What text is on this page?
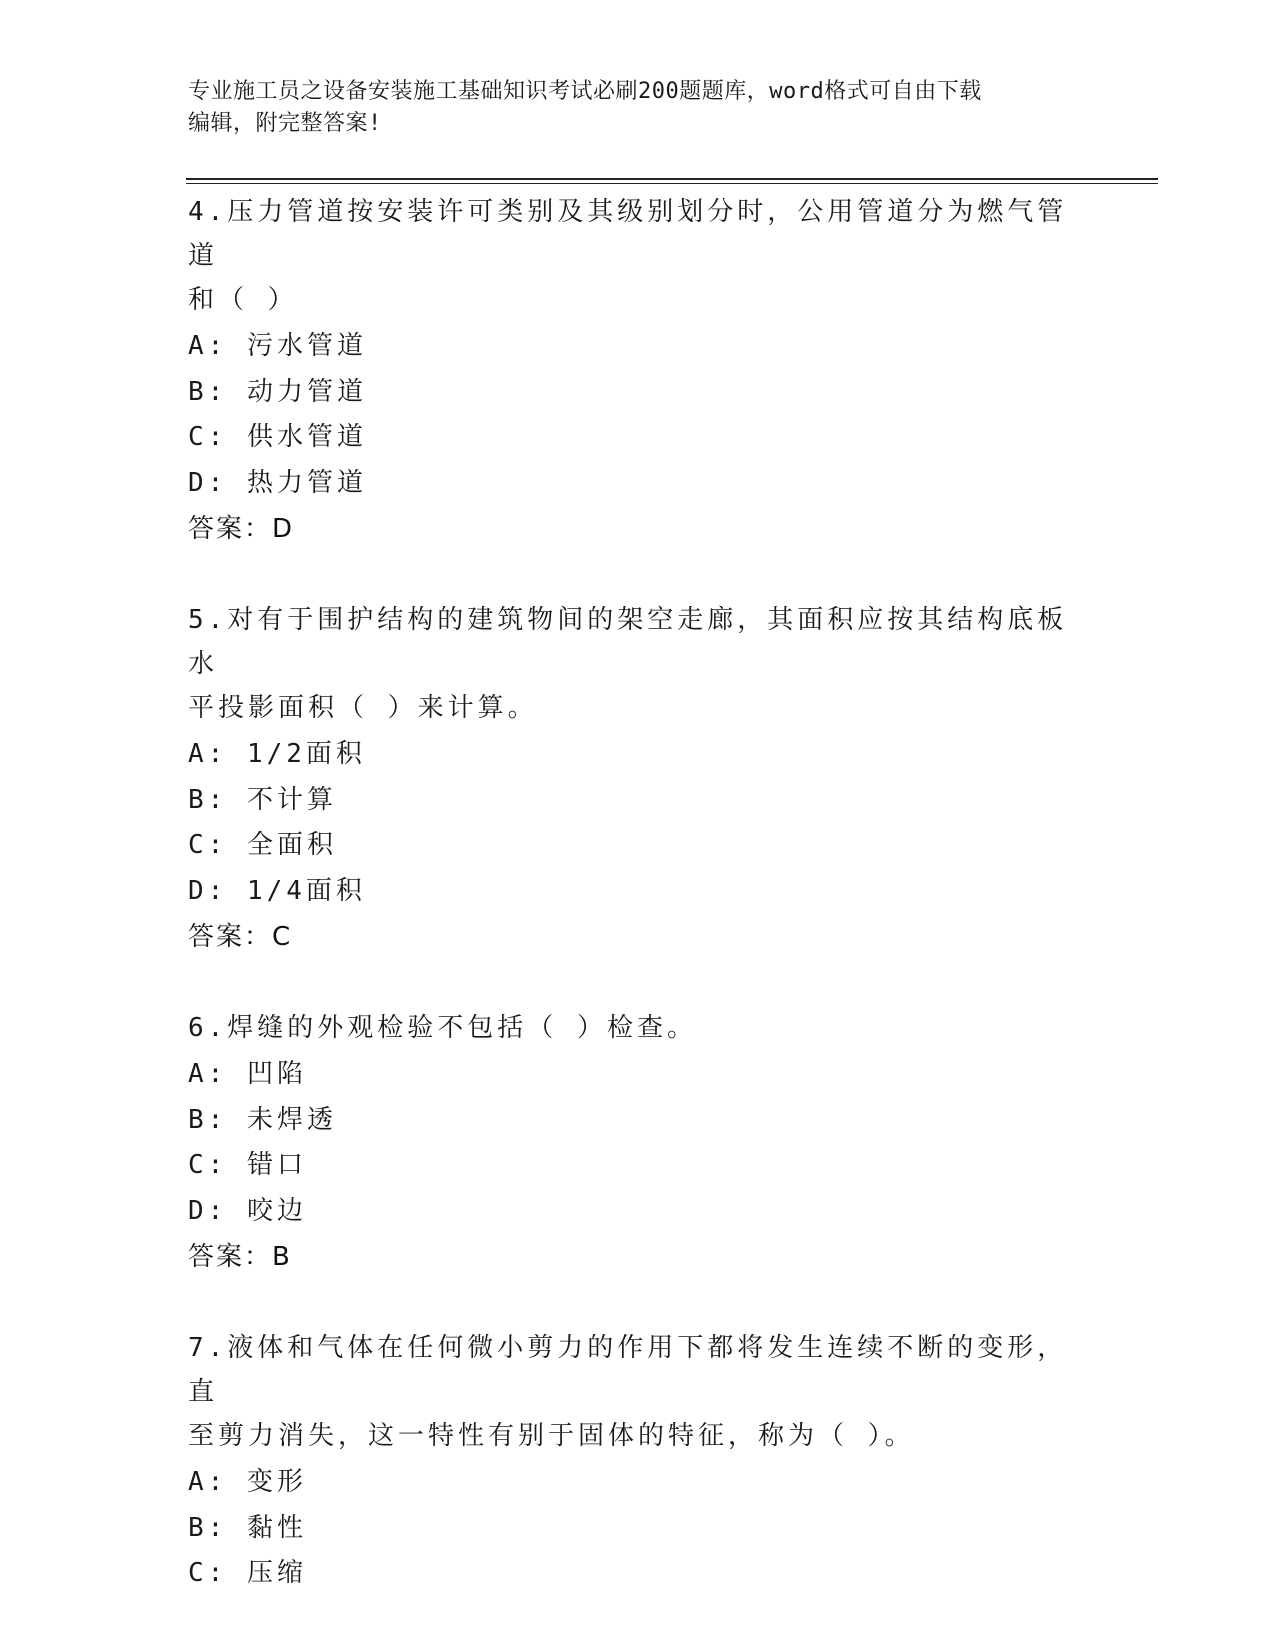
专业施工员之设备安装施工基础知识考试必刷200题题库，word格式可自由下载
编辑，附完整答案!
4.压力管道按安装许可类别及其级别划分时，公用管道分为燃气管道
和（ ）
A: 污水管道
B: 动力管道
C: 供水管道
D: 热力管道
答案：D
5.对有于围护结构的建筑物间的架空走廊，其面积应按其结构底板水
平投影面积（ ）来计算。
A: 1/2面积
B: 不计算
C: 全面积
D: 1/4面积
答案：C
6.焊缝的外观检验不包括（ ）检查。
A: 凹陷
B: 未焊透
C: 错口
D: 咬边
答案：B
7.液体和气体在任何微小剪力的作用下都将发生连续不断的变形，直
至剪力消失，这一特性有别于固体的特征，称为（ ）。
A: 变形
B: 黏性
C: 压缩
